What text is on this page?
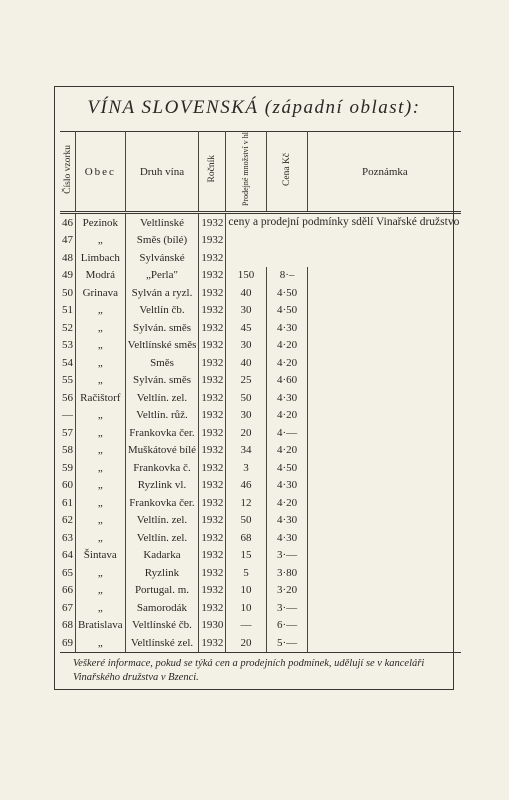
VÍNA SLOVENSKÁ (západní oblast):
Číslo vzorku	Obec	Druh vína	Ročník	Prodejné množství v hl	Cena Kč	Poznámka
46	Pezinok	Veltlínské	1932	ceny a prodejní podmínky sdělí Vinařské družstvo		
47	„	Směs (bílé)	1932			
48	Limbach	Sylvánské	1932			
49	Modrá	„Perla"	1932	150	8·–	
50	Grinava	Sylván a ryzl.	1932	40	4·50	
51	„	Veltlín čb.	1932	30	4·50	
52	„	Sylván. směs	1932	45	4·30	
53	„	Veltlínské směs	1932	30	4·20	
54	„	Směs	1932	40	4·20	
55	„	Sylván. směs	1932	25	4·60	
56	Račištorf	Veltlín. zel.	1932	50	4·30	
—	„	Veltlín. růž.	1932	30	4·20	
57	„	Frankovka čer.	1932	20	4·—	
58	„	Muškátové bílé	1932	34	4·20	
59	„	Frankovka č.	1932	3	4·50	
60	„	Ryzlink vl.	1932	46	4·30	
61	„	Frankovka čer.	1932	12	4·20	
62	„	Veltlín. zel.	1932	50	4·30	
63	„	Veltlín. zel.	1932	68	4·30	
64	Šintava	Kadarka	1932	15	3·—	
65	„	Ryzlink	1932	5	3·80	
66	„	Portugal. m.	1932	10	3·20	
67	„	Samorodák	1932	10	3·—	
68	Bratislava	Veltlínské čb.	1930	—	6·—	
69	„	Veltlínské zel.	1932	20	5·—	
Veškeré informace, pokud se týká cen a prodejních podmínek, udělují se v kanceláři Vinařského družstva v Bzenci.
